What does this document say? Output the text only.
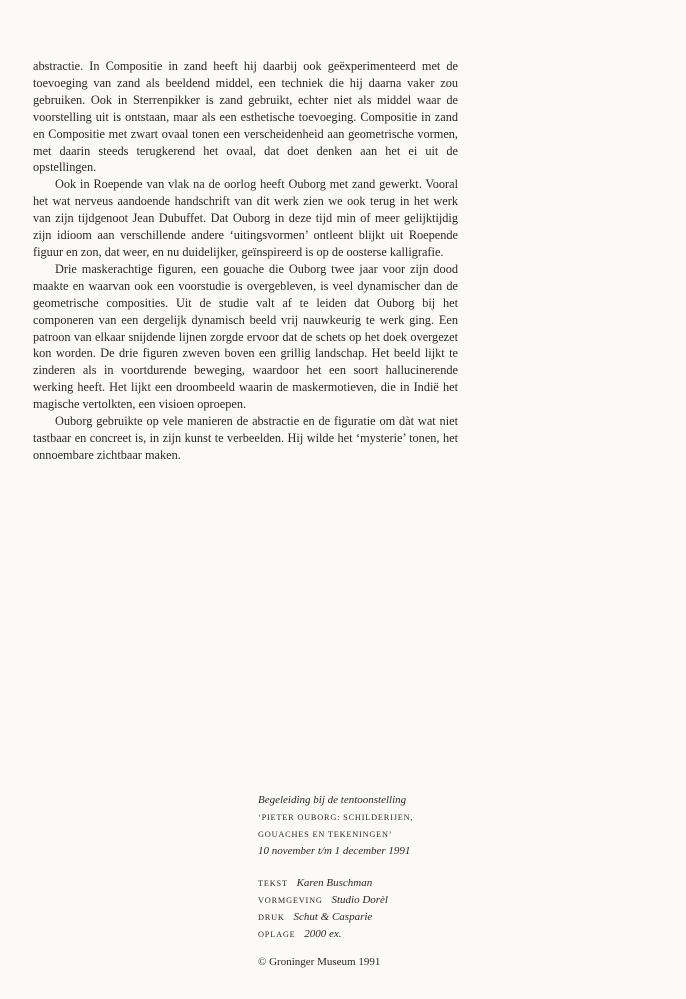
abstractie. In Compositie in zand heeft hij daarbij ook geëxperimenteerd met de toevoeging van zand als beeldend middel, een techniek die hij daarna vaker zou gebruiken. Ook in Sterrenpikker is zand gebruikt, echter niet als middel waar de voorstelling uit is ontstaan, maar als een esthetische toevoeging. Compositie in zand en Compositie met zwart ovaal tonen een verscheidenheid aan geometrische vormen, met daarin steeds terugkerend het ovaal, dat doet denken aan het ei uit de opstellingen.

Ook in Roepende van vlak na de oorlog heeft Ouborg met zand gewerkt. Vooral het wat nerveus aandoende handschrift van dit werk zien we ook terug in het werk van zijn tijdgenoot Jean Dubuffet. Dat Ouborg in deze tijd min of meer gelijktijdig zijn idioom aan verschillende andere ‘uitingsvormen’ ontleent blijkt uit Roepende figuur en zon, dat weer, en nu duidelijker, geïnspireerd is op de oosterse kalligrafie.

Drie maskerachtige figuren, een gouache die Ouborg twee jaar voor zijn dood maakte en waarvan ook een voorstudie is overgebleven, is veel dynamischer dan de geometrische composities. Uit de studie valt af te leiden dat Ouborg bij het componeren van een dergelijk dynamisch beeld vrij nauwkeurig te werk ging. Een patroon van elkaar snijdende lijnen zorgde ervoor dat de schets op het doek overgezet kon worden. De drie figuren zweven boven een grillig landschap. Het beeld lijkt te zinderen als in voortdurende beweging, waardoor het een soort hallucinerende werking heeft. Het lijkt een droombeeld waarin de maskermotieven, die in Indië het magische vertolkten, een visioen oproepen.

Ouborg gebruikte op vele manieren de abstractie en de figuratie om dàt wat niet tastbaar en concreet is, in zijn kunst te verbeelden. Hij wilde het ‘mysterie’ tonen, het onnoembare zichtbaar maken.

Begeleiding bij de tentoonstelling
‘PIETER OUBORG: SCHILDERIJEN,
GOUACHES EN TEKENINGEN’
10 november t/m 1 december 1991
TEKST Karen Buschman
VORMGEVING Studio Dorèl
DRUK Schut & Casparie
OPLAGE 2000 ex.
© Groninger Museum 1991
